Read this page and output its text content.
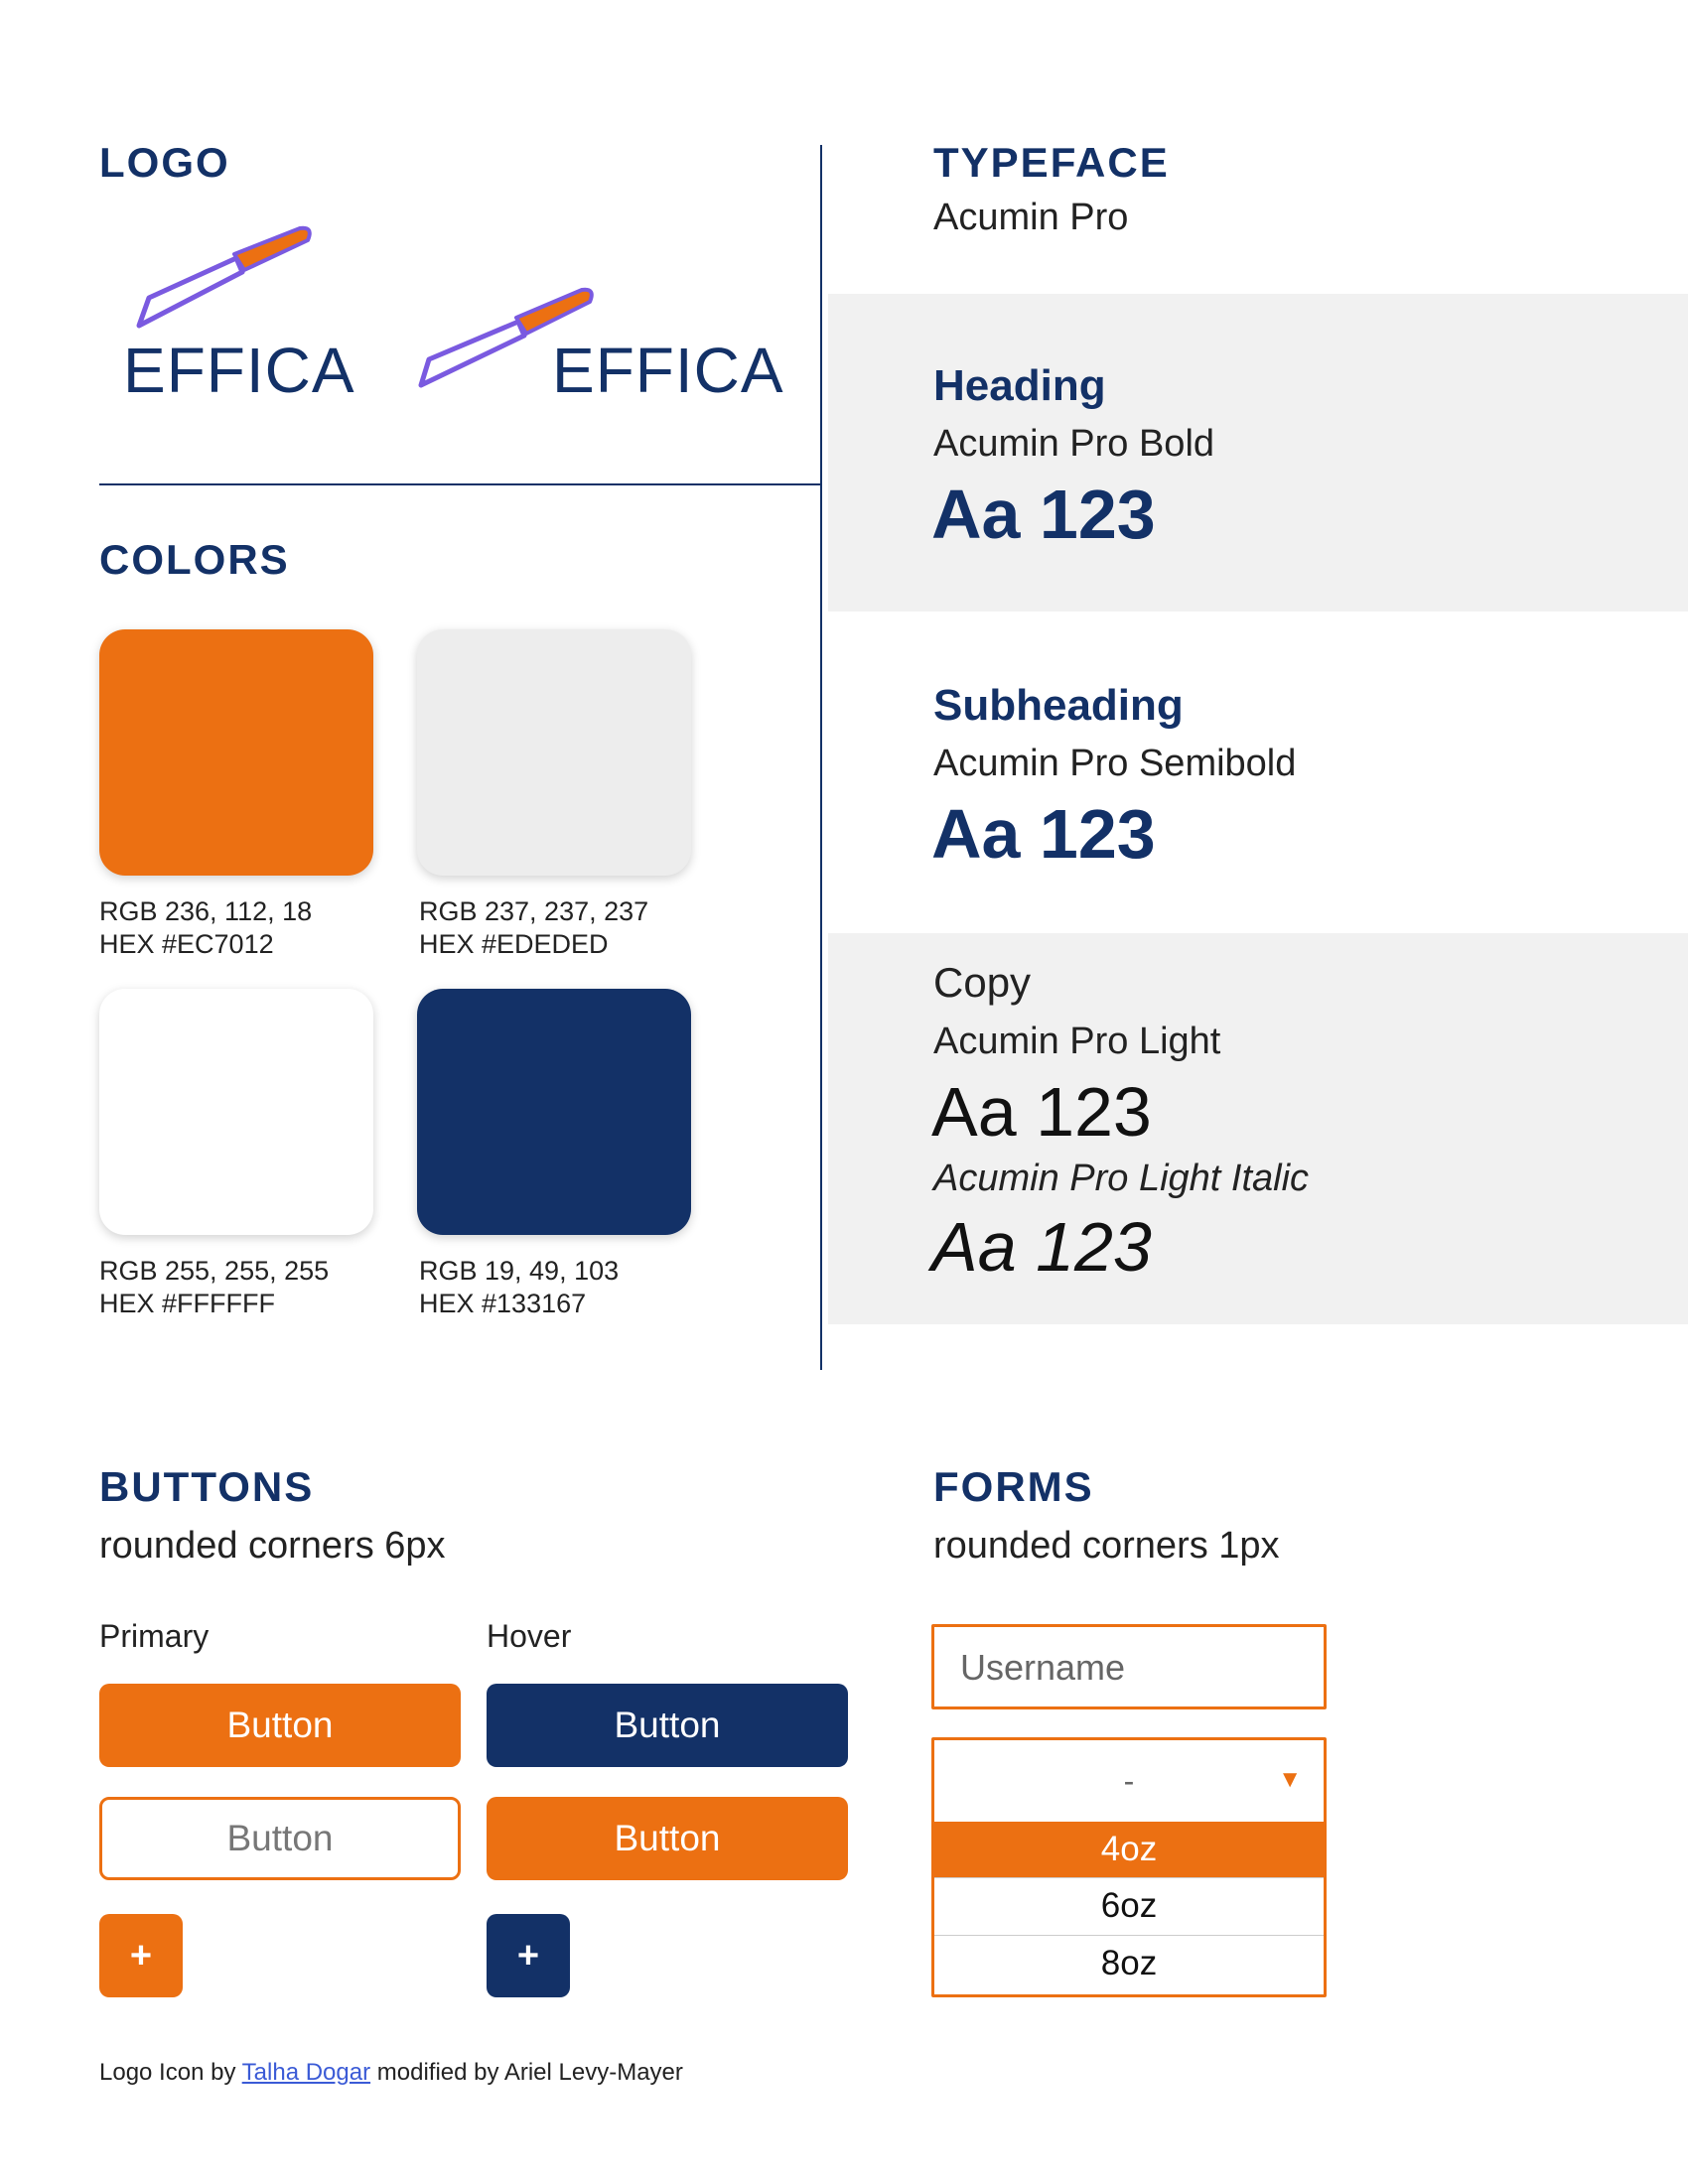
LOGO
EFFICA	EFFICA
COLORS
RGB 236, 112, 18
HEX #EC7012
RGB 237, 237, 237
HEX #EDEDED
RGB 255, 255, 255
HEX #FFFFFF
RGB 19, 49, 103
HEX #133167
TYPEFACE
Acumin Pro
Heading
Acumin Pro Bold
Aa 123
Subheading
Acumin Pro Semibold
Aa 123
Copy
Acumin Pro Light
Aa 123
Acumin Pro Light Italic
Aa 123
BUTTONS
rounded corners 6px
Primary	Hover
Button	Button
Button	Button
+	+
FORMS
rounded corners 1px
Username
-	▼
4oz
6oz
8oz
Logo Icon by Talha Dogar modified by Ariel Levy-Mayer
